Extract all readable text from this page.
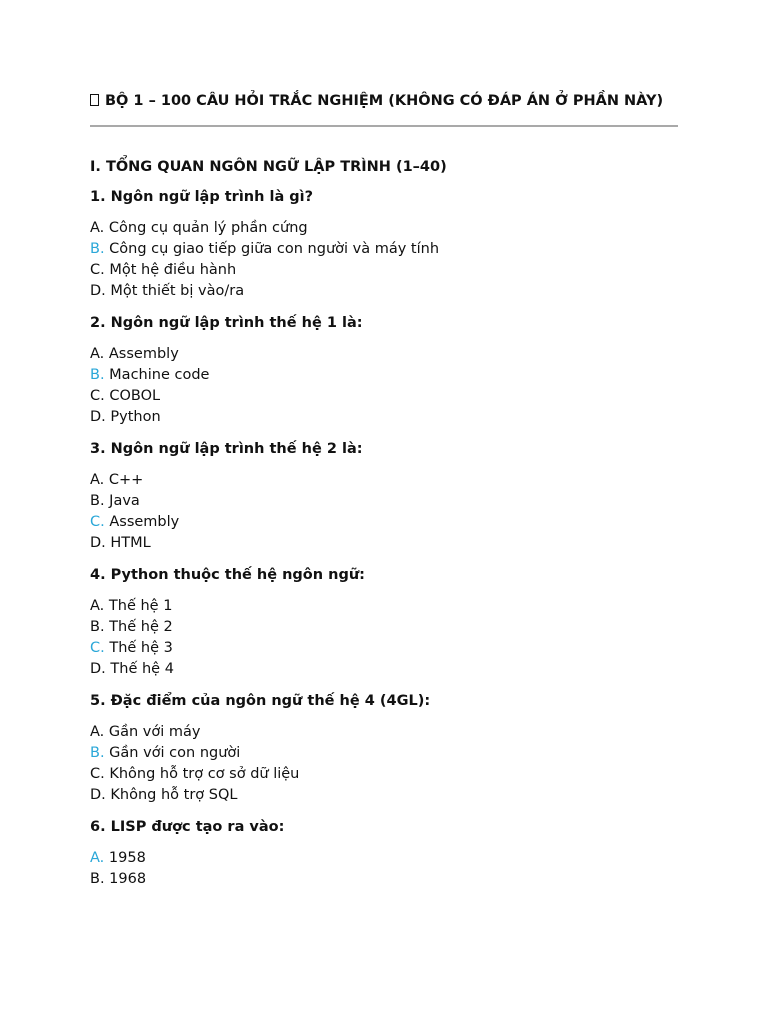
BỘ 1 – 100 CÂU HỎI TRẮC NGHIỆM (KHÔNG CÓ ĐÁP ÁN Ở PHẦN NÀY)
I. TỔNG QUAN NGÔN NGỮ LẬP TRÌNH (1–40)
1. Ngôn ngữ lập trình là gì?
A. Công cụ quản lý phần cứng
B. Công cụ giao tiếp giữa con người và máy tính
C. Một hệ điều hành
D. Một thiết bị vào/ra
2. Ngôn ngữ lập trình thế hệ 1 là:
A. Assembly
B. Machine code
C. COBOL
D. Python
3. Ngôn ngữ lập trình thế hệ 2 là:
A. C++
B. Java
C. Assembly
D. HTML
4. Python thuộc thế hệ ngôn ngữ:
A. Thế hệ 1
B. Thế hệ 2
C. Thế hệ 3
D. Thế hệ 4
5. Đặc điểm của ngôn ngữ thế hệ 4 (4GL):
A. Gần với máy
B. Gần với con người
C. Không hỗ trợ cơ sở dữ liệu
D. Không hỗ trợ SQL
6. LISP được tạo ra vào:
A. 1958
B. 1968
